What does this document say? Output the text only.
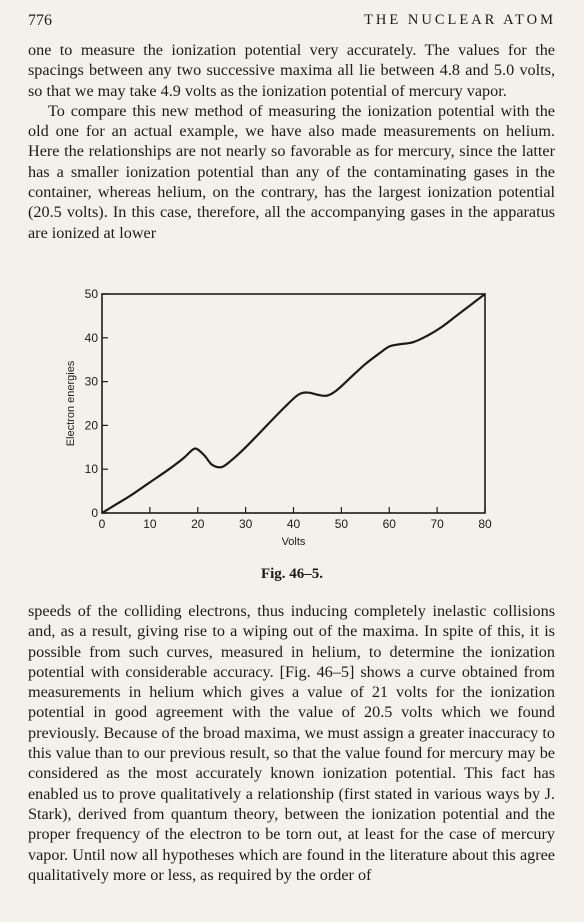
776	THE NUCLEAR ATOM

one to measure the ionization potential very accurately. The values for the spacings between any two successive maxima all lie between 4.8 and 5.0 volts, so that we may take 4.9 volts as the ionization potential of mercury vapor.

To compare this new method of measuring the ionization potential with the old one for an actual example, we have also made measurements on helium. Here the relationships are not nearly so favorable as for mercury, since the latter has a smaller ionization potential than any of the contaminating gases in the container, whereas helium, on the contrary, has the largest ionization potential (20.5 volts). In this case, therefore, all the accompanying gases in the apparatus are ionized at lower

0	10	20	30	40	50	60	70	80
0
10
20
30
40
50
Volts
Electron energies
Fig. 46–5.

speeds of the colliding electrons, thus inducing completely inelastic collisions and, as a result, giving rise to a wiping out of the maxima. In spite of this, it is possible from such curves, measured in helium, to determine the ionization potential with considerable accuracy. [Fig. 46–5] shows a curve obtained from measurements in helium which gives a value of 21 volts for the ionization potential in good agreement with the value of 20.5 volts which we found previously. Because of the broad maxima, we must assign a greater inaccuracy to this value than to our previous result, so that the value found for mercury may be considered as the most accurately known ionization potential. This fact has enabled us to prove qualitatively a relationship (first stated in various ways by J. Stark), derived from quantum theory, between the ionization potential and the proper frequency of the electron to be torn out, at least for the case of mercury vapor. Until now all hypotheses which are found in the literature about this agree qualitatively more or less, as required by the order of
